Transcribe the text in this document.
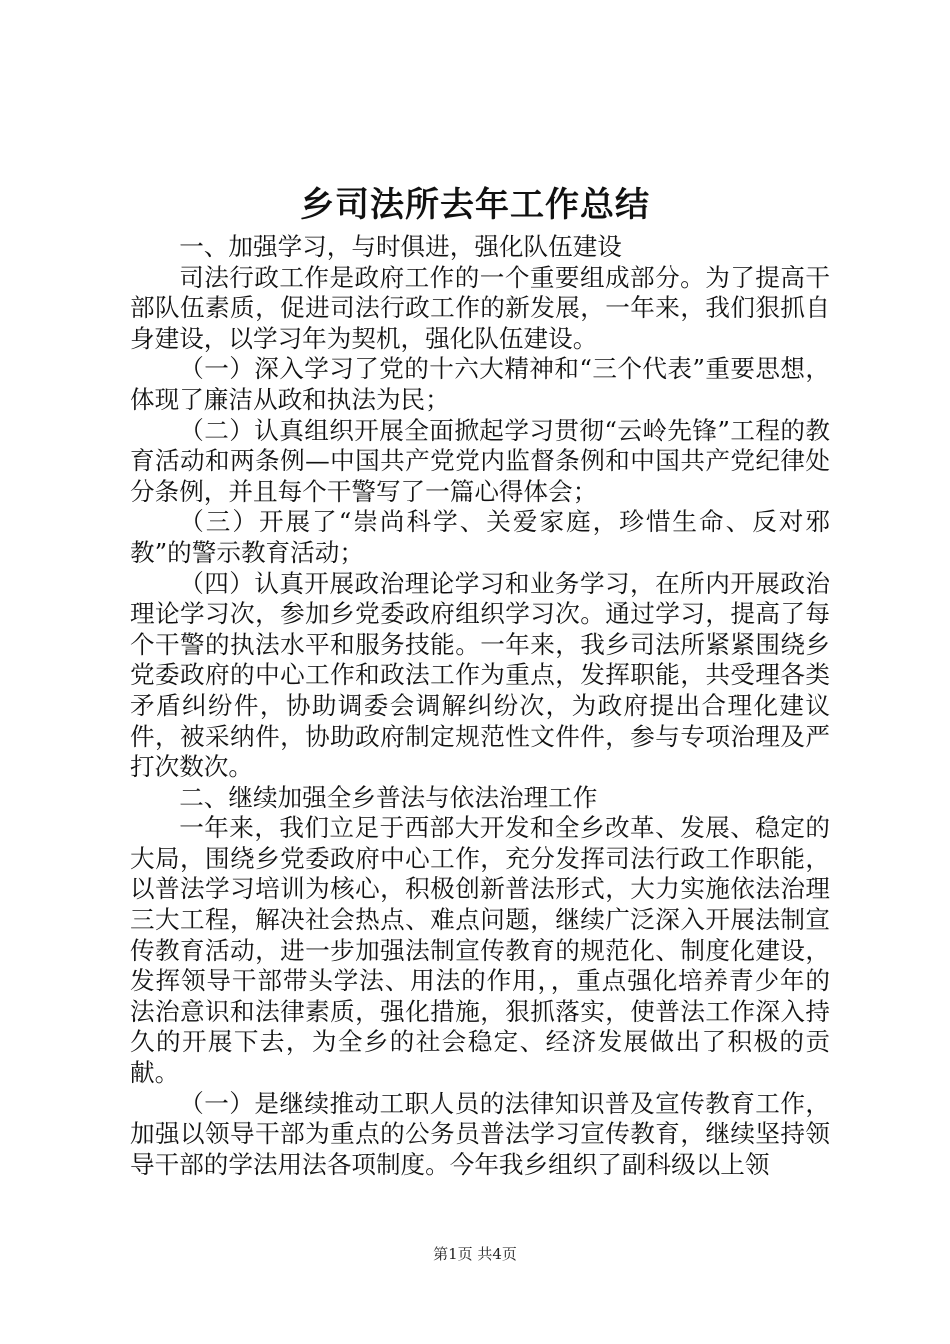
乡司法所去年工作总结

一、加强学习，与时俱进，强化队伍建设

司法行政工作是政府工作的一个重要组成部分。为了提高干部队伍素质，促进司法行政工作的新发展，一年来，我们狠抓自身建设，以学习年为契机，强化队伍建设。

（一）深入学习了党的十六大精神和“三个代表”重要思想，体现了廉洁从政和执法为民；

（二）认真组织开展全面掀起学习贯彻“云岭先锋”工程的教育活动和两条例—中国共产党党内监督条例和中国共产党纪律处分条例，并且每个干警写了一篇心得体会；

（三）开展了“崇尚科学、关爱家庭，珍惜生命、反对邪教”的警示教育活动；

（四）认真开展政治理论学习和业务学习，在所内开展政治理论学习次，参加乡党委政府组织学习次。通过学习，提高了每个干警的执法水平和服务技能。一年来，我乡司法所紧紧围绕乡党委政府的中心工作和政法工作为重点，发挥职能，共受理各类矛盾纠纷件，协助调委会调解纠纷次，为政府提出合理化建议件，被采纳件，协助政府制定规范性文件件，参与专项治理及严打次数次。

二、继续加强全乡普法与依法治理工作

一年来，我们立足于西部大开发和全乡改革、发展、稳定的大局，围绕乡党委政府中心工作，充分发挥司法行政工作职能，以普法学习培训为核心，积极创新普法形式，大力实施依法治理三大工程，解决社会热点、难点问题，继续广泛深入开展法制宣传教育活动，进一步加强法制宣传教育的规范化、制度化建设，发挥领导干部带头学法、用法的作用，，重点强化培养青少年的法治意识和法律素质，强化措施，狠抓落实，使普法工作深入持久的开展下去，为全乡的社会稳定、经济发展做出了积极的贡献。

（一）是继续推动工职人员的法律知识普及宣传教育工作，加强以领导干部为重点的公务员普法学习宣传教育，继续坚持领导干部的学法用法各项制度。今年我乡组织了副科级以上领

第1页 共4页
